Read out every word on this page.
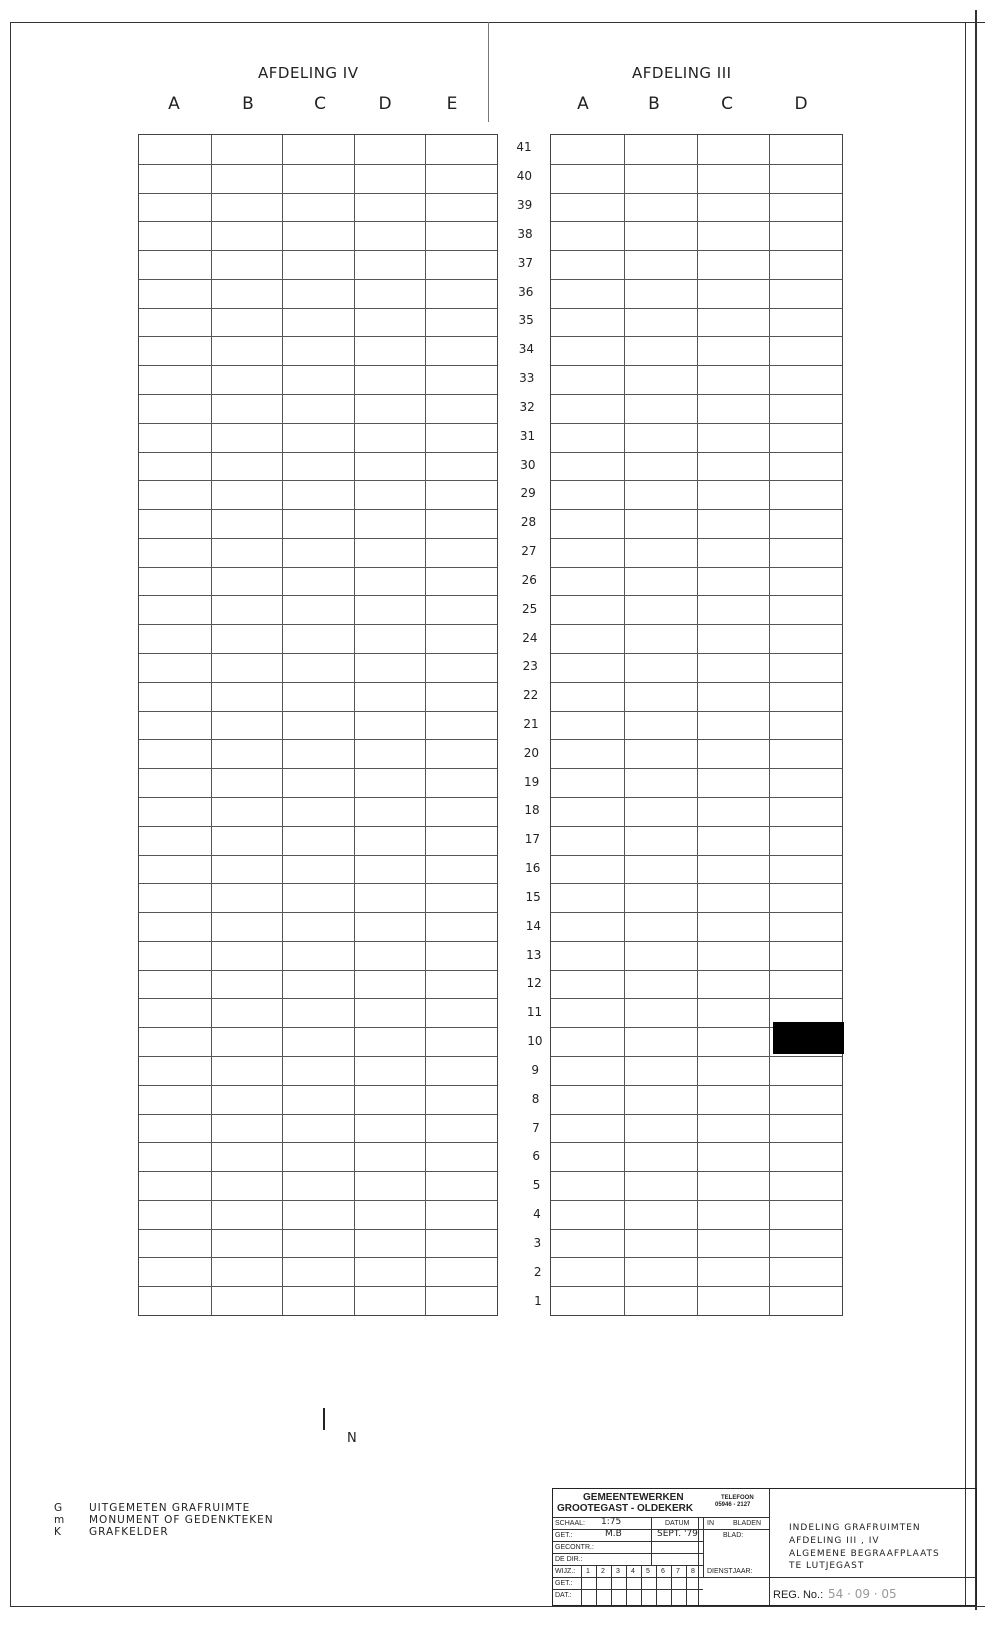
AFDELING IV	AFDELING III
A	B	C	D	E	A	B	C	D
41
40
39
38
37
36
35
34
33
32
31
30
29
28
27
26
25
24
23
22
21
20
19
18
17
16
15
14
13
12
11
10
9
8
7
6
5
4
3
2
1
N
G	UITGEMETEN GRAFRUIMTE
m	MONUMENT OF GEDENKTEKEN
K	GRAFKELDER
1 2 3 4 5 6 7 8
GEMEENTEWERKEN
GROOTEGAST - OLDEKERK
TELEFOON
05946 - 2127
SCHAAL: 1:75	DATUM	IN	BLADEN
GET.:	M.B	SEPT. '79	BLAD:
GECONTR.:
DE DIR.:
WIJZ.:	DIENSTJAAR:
GET.:
DAT.:
INDELING GRAFRUIMTEN
AFDELING III , IV
ALGEMENE BEGRAAFPLAATS
TE LUTJEGAST
REG. No.: 54 · 09 · 05
